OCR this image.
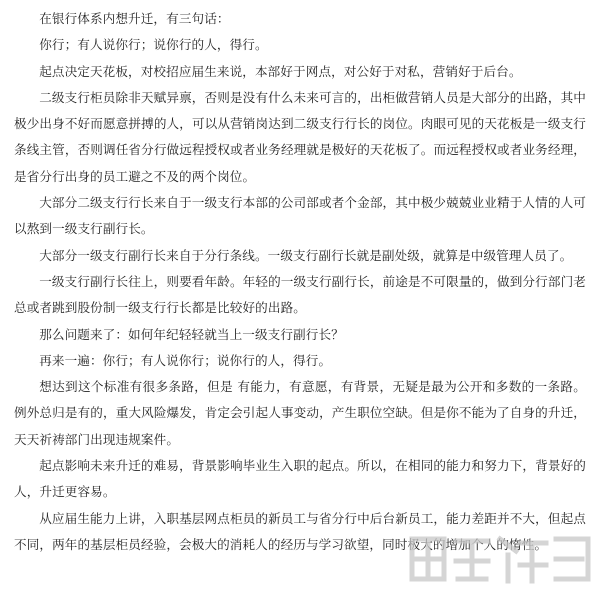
在银行体系内想升迁，有三句话：

你行；有人说你行；说你行的人，得行。

起点决定天花板，对校招应届生来说，本部好于网点，对公好于对私，营销好于后台。

二级支行柜员除非天赋异禀，否则是没有什么未来可言的，出柜做营销人员是大部分的出路，其中极少出身不好而愿意拼搏的人，可以从营销岗达到二级支行行长的岗位。肉眼可见的天花板是一级支行条线主管，否则调任省分行做远程授权或者业务经理就是极好的天花板了。而远程授权或者业务经理，是省分行出身的员工避之不及的两个岗位。

大部分二级支行行长来自于一级支行本部的公司部或者个金部，其中极少兢兢业业精于人情的人可以熬到一级支行副行长。

大部分一级支行副行长来自于分行条线。一级支行副行长就是副处级，就算是中级管理人员了。

一级支行副行长往上，则要看年龄。年轻的一级支行副行长，前途是不可限量的，做到分行部门老总或者跳到股份制一级支行行长都是比较好的出路。

那么问题来了：如何年纪轻轻就当上一级支行副行长？

再来一遍：你行；有人说你行；说你行的人，得行。

想达到这个标准有很多条路，但是 有能力，有意愿，有背景，无疑是最为公开和多数的一条路。例外总归是有的，重大风险爆发，肯定会引起人事变动，产生职位空缺。但是你不能为了自身的升迁，天天祈祷部门出现违规案件。

起点影响未来升迁的难易，背景影响毕业生入职的起点。所以，在相同的能力和努力下，背景好的人，升迁更容易。

从应届生能力上讲，入职基层网点柜员的新员工与省分行中后台新员工，能力差距并不大，但起点不同，两年的基层柜员经验，会极大的消耗人的经历与学习欲望，同时极大的增加个人的惰性。
